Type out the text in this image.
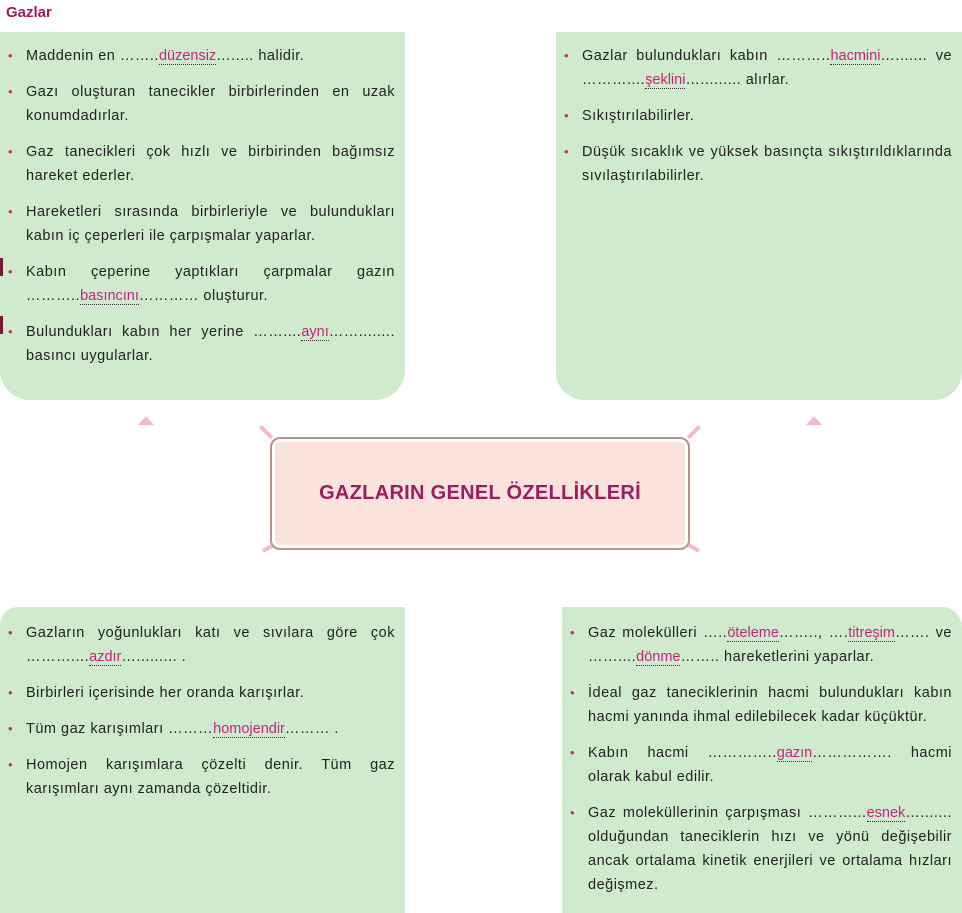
Gazlar
• Maddenin en ……..düzensiz…..... halidir.
• Gazı oluşturan tanecikler birbirlerinden en uzak konumdadırlar.
• Gaz tanecikleri çok hızlı ve birbirinden bağımsız hareket ederler.
• Hareketleri sırasında birbirleriyle ve bulundukları kabın iç çeperleri ile çarpışmalar yaparlar.
• Kabın çeperine yaptıkları çarpmalar gazın ………..basıncını………… oluşturur.
• Bulundukları kabın her yerine ……....aynı……........ basıncı uygularlar.
• Gazlar bulundukları kabın ………..hacmini…....... ve ………....şeklini…......... alırlar.
• Sıkıştırılabilirler.
• Düşük sıcaklık ve yüksek basınçta sıkıştırıldıklarında sıvılaştırılabilirler.
GAZLARIN GENEL ÖZELLİKLERİ
• Gazların yoğunlukları katı ve sıvılara göre çok ………....azdır…......... .
• Birbirleri içerisinde her oranda karışırlar.
• Tüm gaz karışımları ………homojendir……… .
• Homojen karışımlara çözelti denir. Tüm gaz karışımları aynı zamanda çözeltidir.
• Gaz molekülleri …..öteleme…….., ….titreşim……. ve ……....dönme…….. hareketlerini yaparlar.
• İdeal gaz taneciklerinin hacmi bulundukları kabın hacmi yanında ihmal edilebilecek kadar küçüktür.
• Kabın hacmi …………..gazın……………. hacmi olarak kabul edilir.
• Gaz moleküllerinin çarpışması ………...esnek…....... olduğundan taneciklerin hızı ve yönü değişebilir ancak ortalama kinetik enerjileri ve ortalama hızları değişmez.
